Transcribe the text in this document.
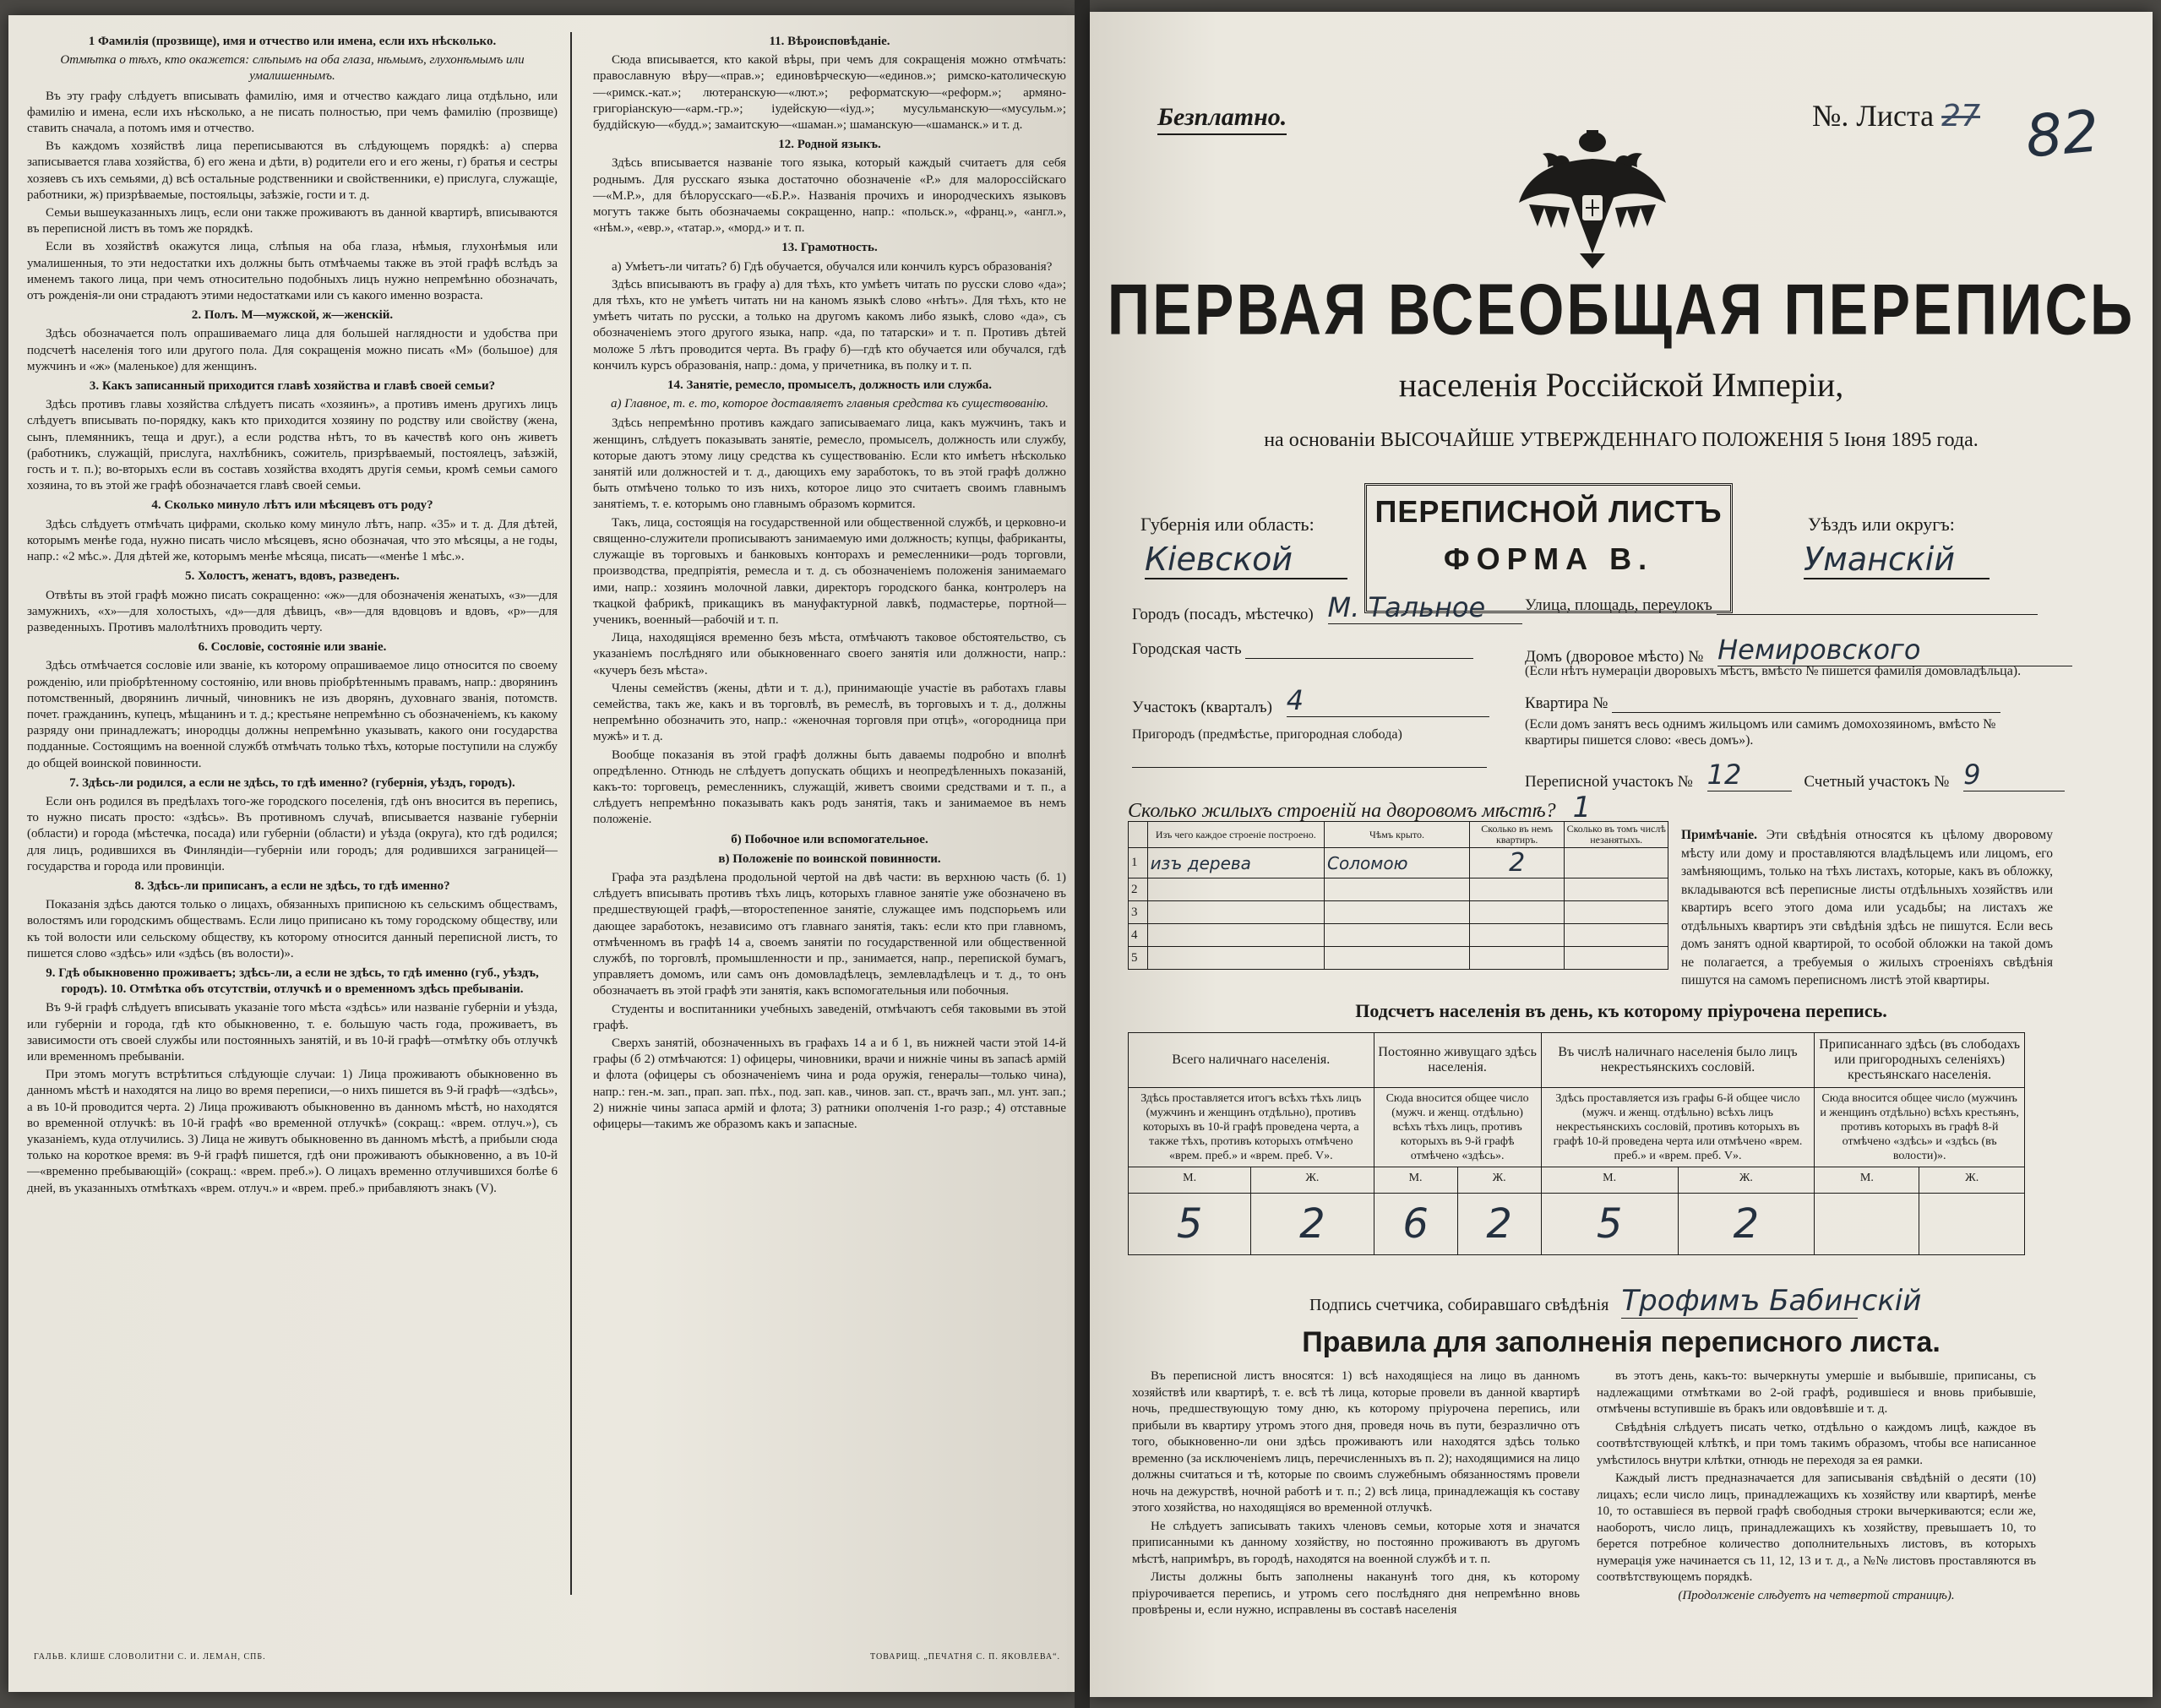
1 Фамилія (прозвище), имя и отчество или имена, если ихъ нѣсколько.

Отмѣтка о тѣхъ, кто окажется: слѣпымъ на оба глаза, нѣмымъ, глухонѣмымъ или умалишеннымъ.

Въ эту графу слѣдуетъ вписывать фамилію, имя и отчество каждаго лица отдѣльно, или фамилію и имена, если ихъ нѣсколько, а не писать полностью, при чемъ фамилію (прозвище) ставить сначала, а потомъ имя и отчество.

Въ каждомъ хозяйствѣ лица переписываются въ слѣдующемъ порядкѣ: а) сперва записывается глава хозяйства, б) его жена и дѣти, в) родители его и его жены, г) братья и сестры хозяевъ съ ихъ семьями, д) всѣ остальные родственники и свойственники, е) прислуга, служащіе, работники, ж) призрѣваемые, постояльцы, заѣзжіе, гости и т. д.

Семьи вышеуказанныхъ лицъ, если они также проживаютъ въ данной квартирѣ, вписываются въ переписной листъ въ томъ же порядкѣ.

Если въ хозяйствѣ окажутся лица, слѣпыя на оба глаза, нѣмыя, глухонѣмыя или умалишенныя, то эти недостатки ихъ должны быть отмѣчаемы также въ этой графѣ вслѣдъ за именемъ такого лица, при чемъ относительно подобныхъ лицъ нужно непремѣнно обозначать, отъ рожденія-ли они страдаютъ этими недостатками или съ какого именно возраста.

2. Полъ. М—мужской, ж—женскій.

Здѣсь обозначается полъ опрашиваемаго лица для большей наглядности и удобства при подсчетѣ населенія того или другого пола. Для сокращенія можно писать «М» (большое) для мужчинъ и «ж» (маленькое) для женщинъ.

3. Какъ записанный приходится главѣ хозяйства и главѣ своей семьи?

Здѣсь противъ главы хозяйства слѣдуетъ писать «хозяинъ», а противъ именъ другихъ лицъ слѣдуетъ вписывать по-порядку, какъ кто приходится хозяину по родству или свойству (жена, сынъ, племянникъ, теща и друг.), а если родства нѣтъ, то въ качествѣ кого онъ живетъ (работникъ, служащій, прислуга, нахлѣбникъ, сожитель, призрѣваемый, постоялецъ, заѣзжій, гость и т. п.); во-вторыхъ если въ составъ хозяйства входятъ другія семьи, кромѣ семьи самого хозяина, то въ этой же графѣ обозначается главѣ своей семьи.

4. Сколько минуло лѣтъ или мѣсяцевъ отъ роду?

Здѣсь слѣдуетъ отмѣчать цифрами, сколько кому минуло лѣтъ, напр. «35» и т. д. Для дѣтей, которымъ менѣе года, нужно писать число мѣсяцевъ, ясно обозначая, что это мѣсяцы, а не годы, напр.: «2 мѣс.». Для дѣтей же, которымъ менѣе мѣсяца, писать—«менѣе 1 мѣс.».

5. Холостъ, женатъ, вдовъ, разведенъ.

Отвѣты въ этой графѣ можно писать сокращенно: «ж»—для обозначенія женатыхъ, «з»—для замужнихъ, «х»—для холостыхъ, «д»—для дѣвицъ, «в»—для вдовцовъ и вдовъ, «р»—для разведенныхъ. Противъ малолѣтнихъ проводить черту.

6. Сословіе, состояніе или званіе.

Здѣсь отмѣчается сословіе или званіе, къ которому опрашиваемое лицо относится по своему рожденію, или пріобрѣтенному состоянію, или вновь пріобрѣтеннымъ правамъ, напр.: дворянинъ потомственный, дворянинъ личный, чиновникъ не изъ дворянъ, духовнаго званія, потомств. почет. гражданинъ, купецъ, мѣщанинъ и т. д.; крестьяне непремѣнно съ обозначеніемъ, къ какому разряду они принадлежатъ; инородцы должны непремѣнно указывать, какого они государства подданные. Состоящимъ на военной службѣ отмѣчать только тѣхъ, которые поступили на службу до общей воинской повинности.

7. Здѣсь-ли родился, а если не здѣсь, то гдѣ именно? (губернія, уѣздъ, городъ).

Если онъ родился въ предѣлахъ того-же городского поселенія, гдѣ онъ вносится въ перепись, то нужно писать просто: «здѣсь». Въ противномъ случаѣ, вписывается названіе губерніи (области) и города (мѣстечка, посада) или губерніи (области) и уѣзда (округа), кто гдѣ родился; для лицъ, родившихся въ Финляндіи—губерніи или городъ; для родившихся заграницей—государства и города или провинціи.

8. Здѣсь-ли приписанъ, а если не здѣсь, то гдѣ именно?

Показанія здѣсь даются только о лицахъ, обязанныхъ приписною къ сельскимъ обществамъ, волостямъ или городскимъ обществамъ. Если лицо приписано къ тому городскому обществу, или къ той волости или сельскому обществу, къ которому относится данный переписной листъ, то пишется слово «здѣсь» или «здѣсь (въ волости)».

9. Гдѣ обыкновенно проживаетъ; здѣсь-ли, а если не здѣсь, то гдѣ именно (губ., уѣздъ, городъ). 10. Отмѣтка объ отсутствіи, отлучкѣ и о временномъ здѣсь пребываніи.

Въ 9-й графѣ слѣдуетъ вписывать указаніе того мѣста «здѣсь» или названіе губерніи и уѣзда, или губерніи и города, гдѣ кто обыкновенно, т. е. большую часть года, проживаетъ, въ зависимости отъ своей службы или постоянныхъ занятій, и въ 10-й графѣ—отмѣтку объ отлучкѣ или временномъ пребываніи.

При этомъ могутъ встрѣтиться слѣдующіе случаи: 1) Лица проживаютъ обыкновенно въ данномъ мѣстѣ и находятся на лицо во время переписи,—о нихъ пишется въ 9-й графѣ—«здѣсь», а въ 10-й проводится черта. 2) Лица проживаютъ обыкновенно въ данномъ мѣстѣ, но находятся во временной отлучкѣ: въ 10-й графѣ «во временной отлучкѣ» (сокращ.: «врем. отлуч.»), съ указаніемъ, куда отлучились. 3) Лица не живутъ обыкновенно въ данномъ мѣстѣ, а прибыли сюда только на короткое время: въ 9-й графѣ пишется, гдѣ они проживаютъ обыкновенно, а въ 10-й—«временно пребывающій» (сокращ.: «врем. преб.»). О лицахъ временно отлучившихся болѣе 6 дней, въ указанныхъ отмѣткахъ «врем. отлуч.» и «врем. преб.» прибавляютъ знакъ (V).

11. Вѣроисповѣданіе.

Сюда вписывается, кто какой вѣры, при чемъ для сокращенія можно отмѣчать: православную вѣру—«прав.»; единовѣрческую—«единов.»; римско-католическую—«римск.-кат.»; лютеранскую—«лют.»; реформатскую—«реформ.»; армяно-григоріанскую—«арм.-гр.»; іудейскую—«іуд.»; мусульманскую—«мусульм.»; буддійскую—«будд.»; замаитскую—«шаман.»; шаманскую—«шаманск.» и т. д.

12. Родной языкъ.

Здѣсь вписывается названіе того языка, который каждый считаетъ для себя роднымъ. Для русскаго языка достаточно обозначеніе «Р.» для малороссійскаго—«М.Р.», для бѣлорусскаго—«Б.Р.». Названія прочихъ и инородческихъ языковъ могутъ также быть обозначаемы сокращенно, напр.: «польск.», «франц.», «англ.», «нѣм.», «евр.», «татар.», «морд.» и т. п.

13. Грамотность.

а) Умѣетъ-ли читать? б) Гдѣ обучается, обучался или кончилъ курсъ образованія?

Здѣсь вписываютъ въ графу а) для тѣхъ, кто умѣетъ читать по русски слово «да»; для тѣхъ, кто не умѣетъ читать ни на каномъ языкѣ слово «нѣтъ». Для тѣхъ, кто не умѣетъ читать по русски, а только на другомъ какомъ либо языкѣ, слово «да», съ обозначеніемъ этого другого языка, напр. «да, по татарски» и т. п. Противъ дѣтей моложе 5 лѣтъ проводится черта. Въ графу б)—гдѣ кто обучается или обучался, гдѣ кончилъ курсъ образованія, напр.: дома, у причетника, въ полку и т. п.

14. Занятіе, ремесло, промыселъ, должность или служба.

а) Главное, т. е. то, которое доставляетъ главныя средства къ существованію.

Здѣсь непремѣнно противъ каждаго записываемаго лица, какъ мужчинъ, такъ и женщинъ, слѣдуетъ показывать занятіе, ремесло, промыселъ, должность или службу, которые даютъ этому лицу средства къ существованію. Если кто имѣетъ нѣсколько занятій или должностей и т. д., дающихъ ему заработокъ, то въ этой графѣ должно быть отмѣчено только то изъ нихъ, которое лицо это считаетъ своимъ главнымъ занятіемъ, т. е. которымъ оно главнымъ образомъ кормится.

Такъ, лица, состоящія на государственной или общественной службѣ, и церковно-и священно-служители прописываютъ занимаемую ими должность; купцы, фабриканты, служащіе въ торговыхъ и банковыхъ конторахъ и ремесленники—родъ торговли, производства, предпріятія, ремесла и т. д. съ обозначеніемъ положенія занимаемаго ими, напр.: хозяинъ молочной лавки, директоръ городского банка, контролеръ на ткацкой фабрикѣ, прикащикъ въ мануфактурной лавкѣ, подмастерье, портной—ученикъ, военный—рабочій и т. п.

Лица, находящіяся временно безъ мѣста, отмѣчаютъ таковое обстоятельство, съ указаніемъ послѣдняго или обыкновеннаго своего занятія или должности, напр.: «кучеръ безъ мѣста».

Члены семействъ (жены, дѣти и т. д.), принимающіе участіе въ работахъ главы семейства, такъ же, какъ и въ торговлѣ, въ ремеслѣ, въ торговыхъ и т. д., должны непремѣнно обозначить это, напр.: «женочная торговля при отцѣ», «огородница при мужѣ» и т. д.

Вообще показанія въ этой графѣ должны быть даваемы подробно и вполнѣ опредѣленно. Отнюдь не слѣдуетъ допускать общихъ и неопредѣленныхъ показаній, какъ-то: торговецъ, ремесленникъ, служащій, живетъ своими средствами и т. п., а слѣдуетъ непремѣнно показывать какъ родъ занятія, такъ и занимаемое въ немъ положеніе.

б) Побочное или вспомогательное.

в) Положеніе по воинской повинности.

Графа эта раздѣлена продольной чертой на двѣ части: въ верхнюю часть (б. 1) слѣдуетъ вписывать противъ тѣхъ лицъ, которыхъ главное занятіе уже обозначено въ предшествующей графѣ,—второстепенное занятіе, служащее имъ подспорьемъ или дающее заработокъ, независимо отъ главнаго занятія, такъ: если кто при главномъ, отмѣченномъ въ графѣ 14 а, своемъ занятіи по государственной или общественной службѣ, по торговлѣ, промышленности и пр., занимается, напр., перепиской бумагъ, управляетъ домомъ, или самъ онъ домовладѣлецъ, землевладѣлецъ и т. д., то онъ обозначаетъ въ этой графѣ эти занятія, какъ вспомогательныя или побочныя.

Студенты и воспитанники учебныхъ заведеній, отмѣчаютъ себя таковыми въ этой графѣ.

Сверхъ занятій, обозначенныхъ въ графахъ 14 а и б 1, въ нижней части этой 14-й графы (б 2) отмѣчаются: 1) офицеры, чиновники, врачи и нижніе чины въ запасѣ армій и флота (офицеры съ обозначеніемъ чина и рода оружія, генералы—только чина), напр.: ген.-м. зап., прап. зап. пѣх., под. зап. кав., чинов. зап. ст., врачъ зап., мл. унт. зап.; 2) нижніе чины запаса армій и флота; 3) ратники ополченія 1-го разр.; 4) отставные офицеры—такимъ же образомъ какъ и запасные.

ГАЛЬВ. КЛИШЕ СЛОВОЛИТНИ С. И. ЛЕМАН, СПБ.	ТОВАРИЩ. „ПЕЧАТНЯ С. П. ЯКОВЛЕВА“.
Безплатно.	№. Листа 27 82
ПЕРВАЯ ВСЕОБЩАЯ ПЕРЕПИСЬ
населенія Россійской Имперіи,
на основаніи ВЫСОЧАЙШЕ УТВЕРЖДЕННАГО ПОЛОЖЕНІЯ 5 Іюня 1895 года.
Губернія или область:
Кіевской
ПЕРЕПИСНОЙ ЛИСТЪ
ФОРМА В.
Уѣздъ или округъ:
Уманскій
Городъ (посадъ, мѣстечко) М. Тальное
Городская часть
Участокъ (кварталъ) 4
Пригородъ (предмѣстье, пригородная слобода)
Улица, площадь, переулокъ
Домъ (дворовое мѣсто) № Немировского
(Если нѣтъ нумераціи дворовыхъ мѣстъ, вмѣсто № пишется фамилія домовладѣльца).
Квартира №
(Если домъ занятъ весь однимъ жильцомъ или самимъ домохозяиномъ, вмѣсто № квартиры пишется слово: «весь домъ»).
Переписной участокъ № 12	Счетный участокъ № 9
Сколько жилыхъ строеній на дворовомъ мѣстѣ? 1
	Изъ чего каждое строеніе построено.	Чѣмъ крыто.	Сколько въ немъ квартиръ.	Сколько въ томъ числѣ незанятыхъ.
1	изъ дерева	Соломою	2	
2				
3				
4				
5				
Примѣчаніе. Эти свѣдѣнія относятся къ цѣлому дворовому мѣсту или дому и проставляются владѣльцемъ или лицомъ, его замѣняющимъ, только на тѣхъ листахъ, которые, какъ въ обложку, вкладываются всѣ переписные листы отдѣльныхъ хозяйствъ или квартиръ всего этого дома или усадьбы; на листахъ же отдѣльныхъ квартиръ эти свѣдѣнія здѣсь не пишутся. Если весь домъ занятъ одной квартирой, то особой обложки на такой домъ не полагается, а требуемыя о жилыхъ строеніяхъ свѣдѣнія пишутся на самомъ переписномъ листѣ этой квартиры.
Подсчетъ населенія въ день, къ которому пріурочена перепись.
Всего наличнаго населенія.		Постоянно живущаго здѣсь населенія.		Въ числѣ наличнаго населенія было лицъ некрестьянскихъ сословій.		Приписаннаго здѣсь (въ слободахъ или пригородныхъ селеніяхъ) крестьянскаго населенія.	
Здѣсь проставляется итогъ всѣхъ тѣхъ лицъ (мужчинъ и женщинъ отдѣльно), противъ которыхъ въ 10-й графѣ проведена черта, а также тѣхъ, противъ которыхъ отмѣчено «врем. преб.» и «врем. преб. V».		Сюда вносится общее число (мужч. и женщ. отдѣльно) всѣхъ тѣхъ лицъ, противъ которыхъ въ 9-й графѣ отмѣчено «здѣсь».		Здѣсь проставляется изъ графы 6-й общее число (мужч. и женщ. отдѣльно) всѣхъ лицъ некрестьянскихъ сословій, противъ которыхъ въ графѣ 10-й проведена черта или отмѣчено «врем. преб.» и «врем. преб. V».		Сюда вносится общее число (мужчинъ и женщинъ отдѣльно) всѣхъ крестьянъ, противъ которыхъ въ графѣ 8-й отмѣчено «здѣсь» и «здѣсь (въ волости)».	
М.	Ж.	М.	Ж.	М.	Ж.	М.	Ж.
5	2	6	2	5	2		
Подпись счетчика, собиравшаго свѣдѣнія Трофимъ Бабинскій
Правила для заполненія переписного листа.

Въ переписной листъ вносятся: 1) всѣ находящіеся на лицо въ данномъ хозяйствѣ или квартирѣ, т. е. всѣ тѣ лица, которые провели въ данной квартирѣ ночь, предшествующую тому дню, къ которому пріурочена перепись, или прибыли въ квартиру утромъ этого дня, проведя ночь въ пути, безразлично отъ того, обыкновенно-ли они здѣсь проживаютъ или находятся здѣсь только временно (за исключеніемъ лицъ, перечисленныхъ въ п. 2); находящимися на лицо должны считаться и тѣ, которые по своимъ служебнымъ обязанностямъ провели ночь на дежурствѣ, ночной работѣ и т. п.; 2) всѣ лица, принадлежащія къ составу этого хозяйства, но находящіяся во временной отлучкѣ.

Не слѣдуетъ записывать такихъ членовъ семьи, которые хотя и значатся приписанными къ данному хозяйству, но постоянно проживаютъ въ другомъ мѣстѣ, напримѣръ, въ городѣ, находятся на военной службѣ и т. п.

Листы должны быть заполнены наканунѣ того дня, къ которому пріурочивается перепись, и утромъ сего послѣдняго дня непремѣнно вновь провѣрены и, если нужно, исправлены въ составѣ населенія

въ этотъ день, какъ-то: вычеркнуты умершіе и выбывшіе, приписаны, съ надлежащими отмѣтками во 2-ой графѣ, родившіеся и вновь прибывшіе, отмѣчены вступившіе въ бракъ или овдовѣвшіе и т. д.

Свѣдѣнія слѣдуетъ писать четко, отдѣльно о каждомъ лицѣ, каждое въ соотвѣтствующей клѣткѣ, и при томъ такимъ образомъ, чтобы все написанное умѣстилось внутри клѣтки, отнюдь не переходя за ея рамки.

Каждый листъ предназначается для записыванія свѣдѣній о десяти (10) лицахъ; если число лицъ, принадлежащихъ къ хозяйству или квартирѣ, менѣе 10, то оставшіеся въ первой графѣ свободныя строки вычеркиваются; если же, наоборотъ, число лицъ, принадлежащихъ къ хозяйству, превышаетъ 10, то берется потребное количество дополнительныхъ листовъ, въ которыхъ нумерація уже начинается съ 11, 12, 13 и т. д., а №№ листовъ проставляются въ соотвѣтствующемъ порядкѣ.

(Продолженіе слѣдуетъ на четвертой страницѣ).
